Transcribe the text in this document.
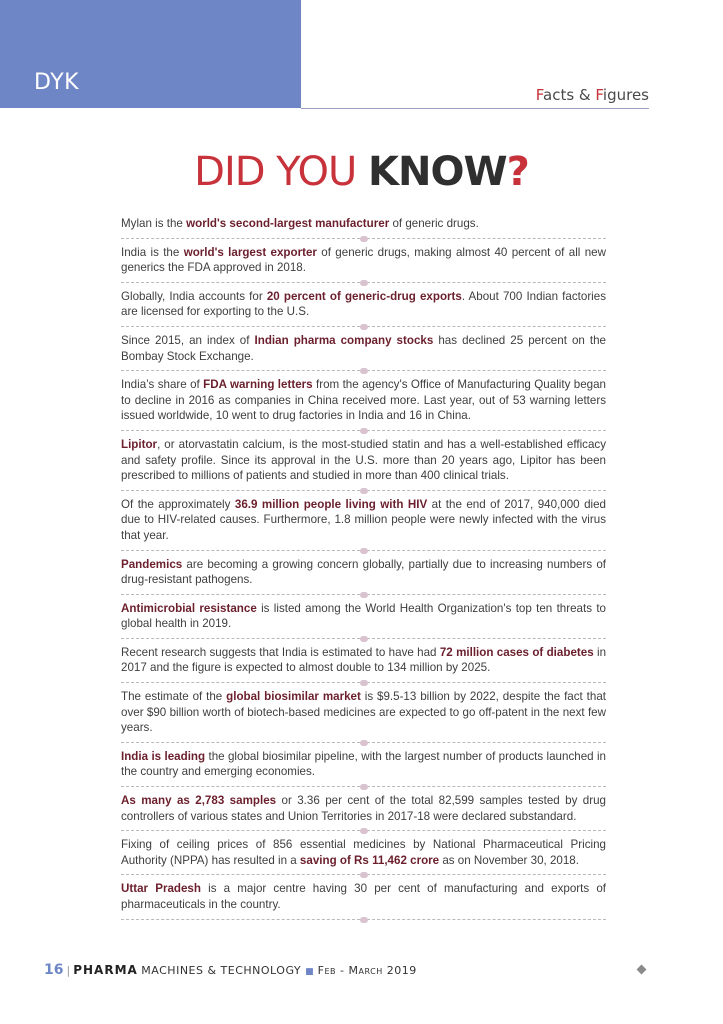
DYK	Facts & Figures
DID YOU KNOW?
Mylan is the world's second-largest manufacturer of generic drugs.
India is the world's largest exporter of generic drugs, making almost 40 percent of all new generics the FDA approved in 2018.
Globally, India accounts for 20 percent of generic-drug exports. About 700 Indian factories are licensed for exporting to the U.S.
Since 2015, an index of Indian pharma company stocks has declined 25 percent on the Bombay Stock Exchange.
India’s share of FDA warning letters from the agency's Office of Manufacturing Quality began to decline in 2016 as companies in China received more. Last year, out of 53 warning letters issued worldwide, 10 went to drug factories in India and 16 in China.
Lipitor, or atorvastatin calcium, is the most-studied statin and has a well-established efficacy and safety profile. Since its approval in the U.S. more than 20 years ago, Lipitor has been prescribed to millions of patients and studied in more than 400 clinical trials.
Of the approximately 36.9 million people living with HIV at the end of 2017, 940,000 died due to HIV-related causes. Furthermore, 1.8 million people were newly infected with the virus that year.
Pandemics are becoming a growing concern globally, partially due to increasing numbers of drug-resistant pathogens.
Antimicrobial resistance is listed among the World Health Organization's top ten threats to global health in 2019.
Recent research suggests that India is estimated to have had 72 million cases of diabetes in 2017 and the figure is expected to almost double to 134 million by 2025.
The estimate of the global biosimilar market is $9.5-13 billion by 2022, despite the fact that over $90 billion worth of biotech-based medicines are expected to go off-patent in the next few years.
India is leading the global biosimilar pipeline, with the largest number of products launched in the country and emerging economies.
As many as 2,783 samples or 3.36 per cent of the total 82,599 samples tested by drug controllers of various states and Union Territories in 2017-18 were declared substandard.
Fixing of ceiling prices of 856 essential medicines by National Pharmaceutical Pricing Authority (NPPA) has resulted in a saving of Rs 11,462 crore as on November 30, 2018.
Uttar Pradesh is a major centre having 30 per cent of manufacturing and exports of pharmaceuticals in the country.
16 | PHARMA MACHINES & TECHNOLOGY ■ Feb - March 2019
